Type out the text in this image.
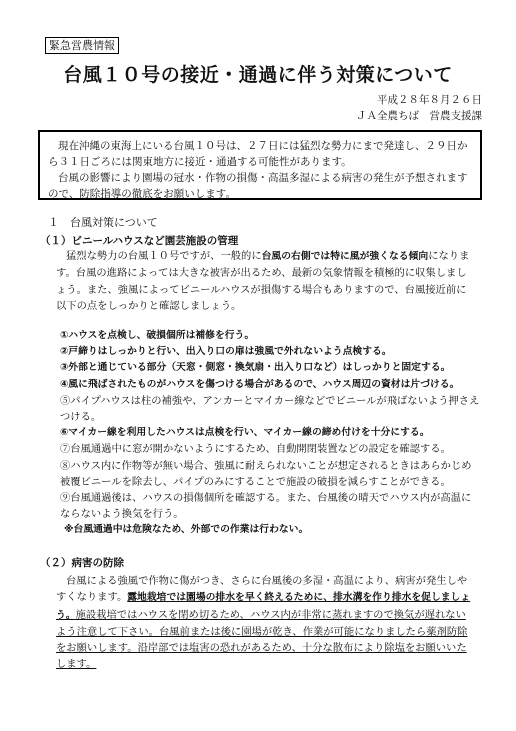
緊急営農情報
台風１０号の接近・通過に伴う対策について
平成２８年８月２６日
ＪＡ全農ちば　営農支援課

現在沖縄の東海上にいる台風１０号は、２７日には猛烈な勢力にまで発達し、２９日から３１日ごろには関東地方に接近・通過する可能性があります。

台風の影響により園場の冠水・作物の損傷・高温多湿による病害の発生が予想されますので、防除指導の徹底をお願いします。

１　台風対策について
（１）ビニールハウスなど園芸施設の管理

猛烈な勢力の台風１０号ですが、一般的に台風の右側では特に風が強くなる傾向になります。台風の進路によっては大きな被害が出るため、最新の気象情報を積極的に収集しましょう。また、強風によってビニールハウスが損傷する場合もありますので、台風接近前に以下の点をしっかりと確認しましょう。

①ハウスを点検し、破損個所は補修を行う。
②戸締りはしっかりと行い、出入り口の扉は強風で外れないよう点検する。
③外部と通じている部分（天窓・側窓・換気扇・出入り口など）はしっかりと固定する。
④風に飛ばされたものがハウスを傷つける場合があるので、ハウス周辺の資材は片づける。
⑤パイプハウスは柱の補強や、アンカーとマイカー線などでビニールが飛ばないよう押さえつける。
⑥マイカー線を利用したハウスは点検を行い、マイカー線の締め付けを十分にする。
⑦台風通過中に窓が開かないようにするため、自動開閉装置などの設定を確認する。
⑧ハウス内に作物等が無い場合、強風に耐えられないことが想定されるときはあらかじめ被覆ビニールを除去し、パイプのみにすることで施設の破損を減らすことができる。
⑨台風通過後は、ハウスの損傷個所を確認する。また、台風後の晴天でハウス内が高温にならないよう換気を行う。
※台風通過中は危険なため、外部での作業は行わない。
（２）病害の防除

台風による強風で作物に傷がつき、さらに台風後の多湿・高温により、病害が発生しやすくなります。露地栽培では園場の排水を早く終えるために、排水溝を作り排水を促しましょう。施設栽培ではハウスを閉め切るため、ハウス内が非常に蒸れますので換気が遅れないよう注意して下さい。台風前または後に園場が乾き、作業が可能になりましたら薬剤防除をお願いします。沿岸部では塩害の恐れがあるため、十分な散布により除塩をお願いいたします。
